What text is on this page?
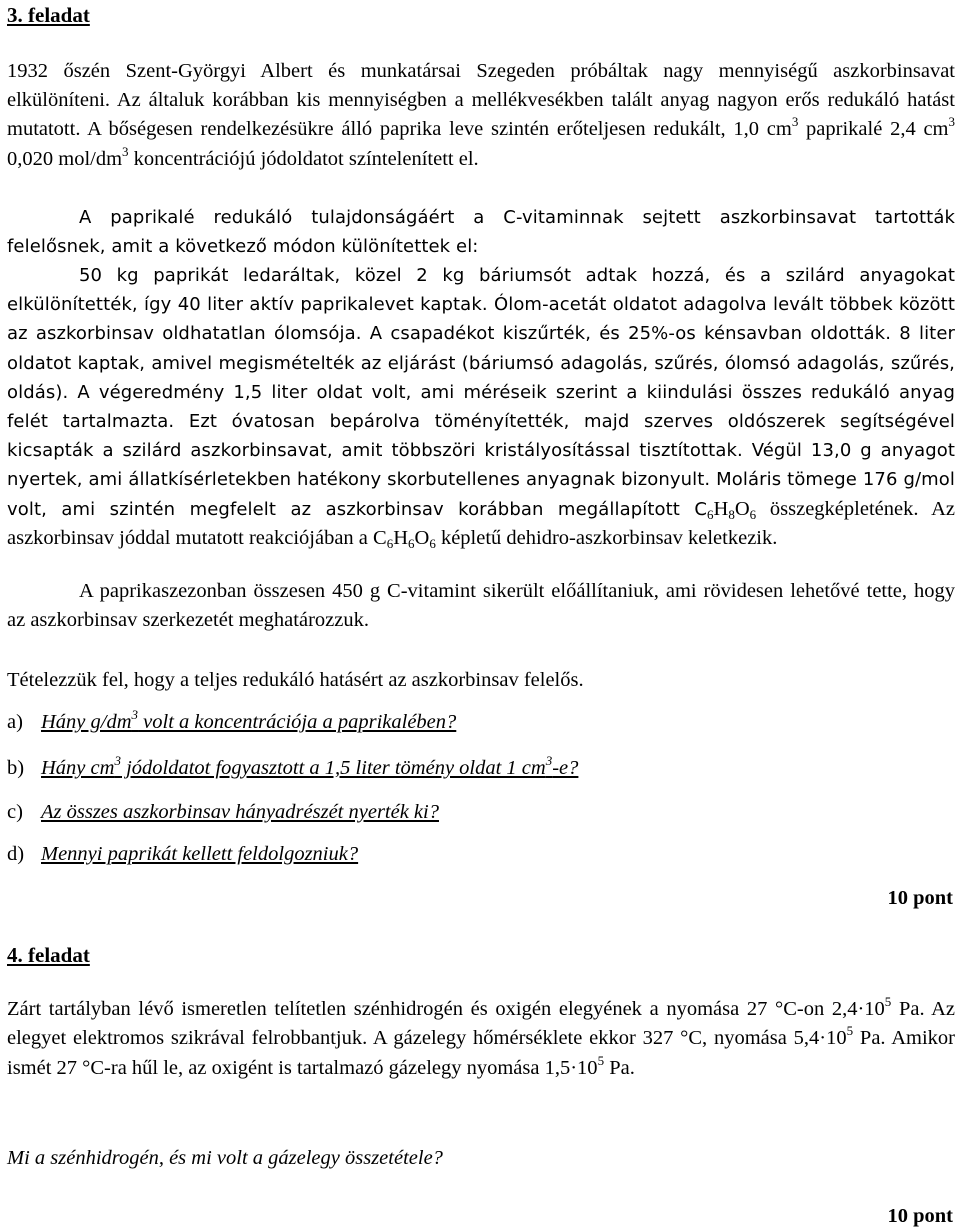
3. feladat
1932 őszén Szent-Györgyi Albert és munkatársai Szegeden próbáltak nagy mennyiségű aszkorbinsavat elkülöníteni. Az általuk korábban kis mennyiségben a mellékvesékben talált anyag nagyon erős redukáló hatást mutatott. A bőségesen rendelkezésükre álló paprika leve szintén erőteljesen redukált, 1,0 $cm^3$ paprikalé 2,4 $cm^3$ 0,020 mol/$dm^3$ koncentrációjú jódoldatot színtelenített el.
A paprikalé redukáló tulajdonságáért a C-vitaminnak sejtett aszkorbinsavat tartották felelősnek, amit a következő módon különítettek el:
50 kg paprikát ledaráltak, közel 2 kg báriumsót adtak hozzá, és a szilárd anyagokat elkülönítették, így 40 liter aktív paprikalevet kaptak. Ólom-acetát oldatot adagolva levált többek között az aszkorbinsav oldhatatlan ólomsója. A csapadékot kiszűrték, és 25%-os kénsavban oldották. 8 liter oldatot kaptak, amivel megismételték az eljárást (báriumsó adagolás, szűrés, ólomsó adagolás, szűrés, oldás). A végeredmény 1,5 liter oldat volt, ami méréseik szerint a kiindulási összes redukáló anyag felét tartalmazta. Ezt óvatosan bepárolva töményítették, majd szerves oldószerek segítségével kicsapták a szilárd aszkorbinsavat, amit többszöri kristályosítással tisztítottak. Végül 13,0 g anyagot nyertek, ami állatkísérletekben hatékony skorbutellenes anyagnak bizonyult. Moláris tömege 176 g/mol volt, ami szintén megfelelt az aszkorbinsav korábban megállapított $C_6H_8O_6$ összegképletének. Az aszkorbinsav jóddal mutatott reakciójában a $C_6H_6O_6$ képletű dehidro-aszkorbinsav keletkezik.
A paprikaszezonban összesen 450 g C-vitamint sikerült előállítaniuk, ami rövidesen lehetővé tette, hogy az aszkorbinsav szerkezetét meghatározzuk.
Tételezzük fel, hogy a teljes redukáló hatásért az aszkorbinsav felelős.
a) Hány $g/dm^3$ volt a koncentrációja a paprikalében?
b) Hány $cm^3$ jódoldatot fogyasztott a 1,5 liter tömény oldat 1 $cm^3-e$?
c) Az összes aszkorbinsav hányadrészét nyerték ki?
d) Mennyi paprikát kellett feldolgozniuk?
10 pont
4. feladat
Zárt tartályban lévő ismeretlen telítetlen szénhidrogén és oxigén elegyének a nyomása 27 °C-on $2,4\cdot 10^5$ Pa. Az elegyet elektromos szikrával felrobbantjuk. A gázelegy hőmérséklete ekkor 327 °C, nyomása $5,4\cdot 10^5$ Pa. Amikor ismét 27 °C-ra hűl le, az oxigént is tartalmazó gázelegy nyomása $1,5\cdot 10^5$ Pa.
Mi a szénhidrogén, és mi volt a gázelegy összetétele?
10 pont
